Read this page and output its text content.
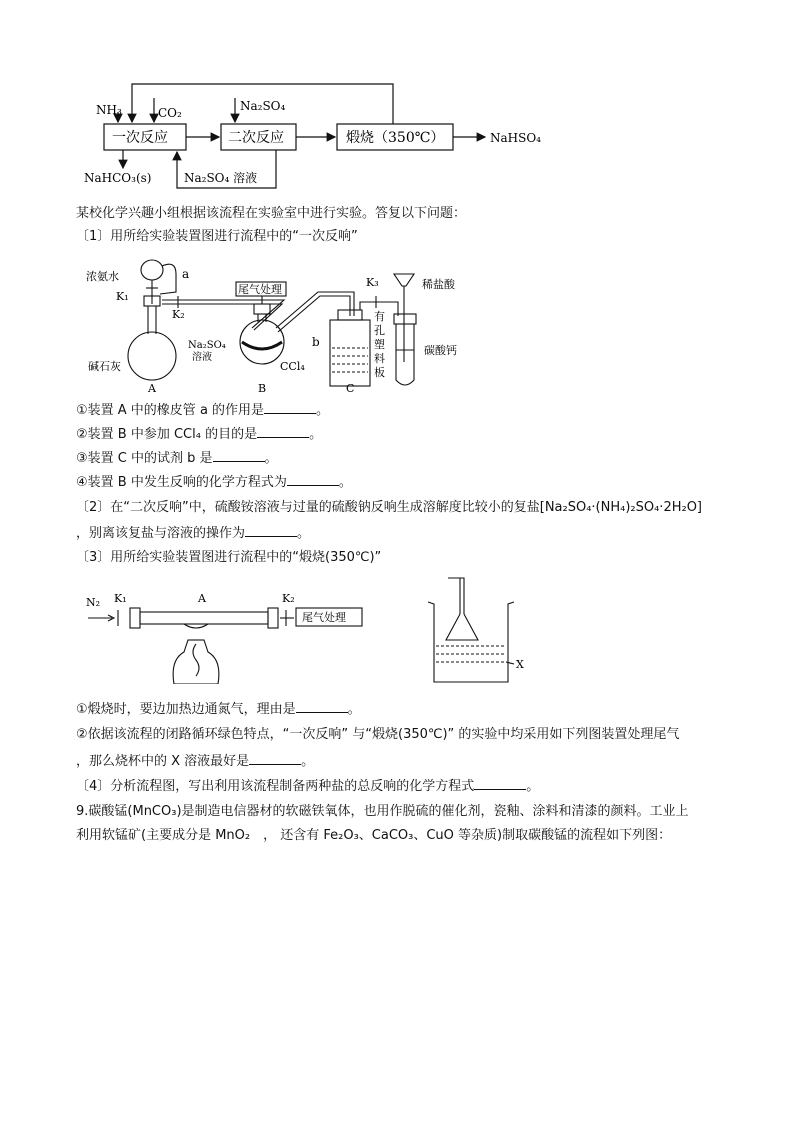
NH₃	CO₂	Na₂SO₄
一次反应	二次反应	煅烧（350℃）	NaHSO₄
NaHCO₃(s)	Na₂SO₄ 溶液
某校化学兴趣小组根据该流程在实验室中进行实验。答复以下问题：
〔1〕用所给实验装置图进行流程中的“一次反响”
浓氨水	a
K₁
K₂
K₃
碱石灰
尾气处理
Na₂SO₄
溶液
CCl₄
b
有
孔
塑
料
板
稀盐酸
碳酸钙
A	B	C
①装置 A 中的橡皮管 a 的作用是	。
②装置 B 中参加 CCl₄ 的目的是	。
③装置 C 中的试剂 b 是	。
④装置 B 中发生反响的化学方程式为	。
〔2〕在“二次反响”中，硫酸铵溶液与过量的硫酸钠反响生成溶解度比较小的复盐[Na₂SO₄·(NH₄)₂SO₄·2H₂O]
，别离该复盐与溶液的操作为	。
〔3〕用所给实验装置图进行流程中的“煅烧(350℃)”
N₂ K₁	A	K₂
尾气处理
X
①煅烧时，要边加热边通氮气，理由是	。
②依据该流程的闭路循环绿色特点，“一次反响” 与“煅烧(350℃)” 的实验中均采用如下列图装置处理尾气
，那么烧杯中的 X 溶液最好是	。
〔4〕分析流程图，写出利用该流程制备两种盐的总反响的化学方程式	。
9.碳酸锰(MnCO₃)是制造电信器材的软磁铁氧体，也用作脱硫的催化剂，瓷釉、涂料和清漆的颜料。工业上
利用软锰矿(主要成分是 MnO₂　， 还含有 Fe₂O₃、CaCO₃、CuO 等杂质)制取碳酸锰的流程如下列图：
